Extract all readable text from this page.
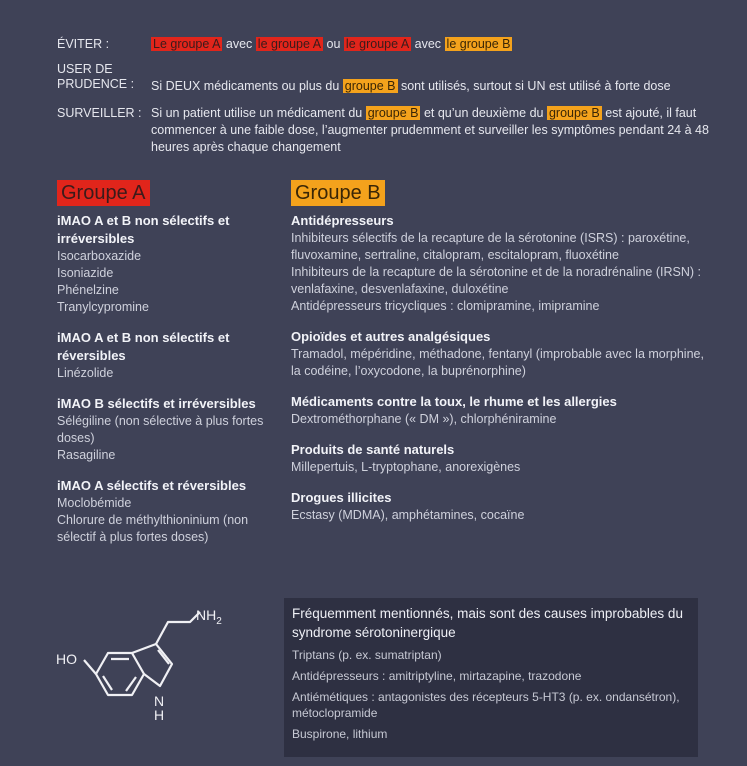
ÉVITER :	Le groupe A avec le groupe A ou le groupe A avec le groupe B
USER DE PRUDENCE :	Si DEUX médicaments ou plus du groupe B sont utilisés, surtout si UN est utilisé à forte dose
SURVEILLER : Si un patient utilise un médicament du groupe B et qu’un deuxième du groupe B est ajouté, il faut commencer à une faible dose, l’augmenter prudemment et surveiller les symptômes pendant 24 à 48 heures après chaque changement
Groupe A
iMAO A et B non sélectifs et irréversibles
Isocarboxazide
Isoniazide
Phénelzine
Tranylcypromine
iMAO A et B non sélectifs et réversibles
Linézolide
iMAO B sélectifs et irréversibles
Sélégiline (non sélective à plus fortes doses)
Rasagiline
iMAO A sélectifs et réversibles
Moclobémide
Chlorure de méthylthioninium (non sélectif à plus fortes doses)
Groupe B
Antidépresseurs
Inhibiteurs sélectifs de la recapture de la sérotonine (ISRS) : paroxétine, fluvoxamine, sertraline, citalopram, escitalopram, fluoxétine
Inhibiteurs de la recapture de la sérotonine et de la noradrénaline (IRSN) : venlafaxine, desvenlafaxine, duloxétine
Antidépresseurs tricycliques : clomipramine, imipramine
Opioïdes et autres analgésiques
Tramadol, mépéridine, méthadone, fentanyl (improbable avec la morphine, la codéine, l’oxycodone, la buprénorphine)
Médicaments contre la toux, le rhume et les allergies
Dextrométhorphane (« DM »), chlorphéniramine
Produits de santé naturels
Millepertuis, L-tryptophane, anorexigènes
Drogues illicites
Ecstasy (MDMA), amphétamines, cocaïne
HO
$NH_2$
N
H
Fréquemment mentionnés, mais sont des causes improbables du syndrome sérotoninergique
Triptans (p. ex. sumatriptan)
Antidépresseurs : amitriptyline, mirtazapine, trazodone
Antiémétiques : antagonistes des récepteurs 5-HT3 (p. ex. ondansétron), métoclopramide
Buspirone, lithium
